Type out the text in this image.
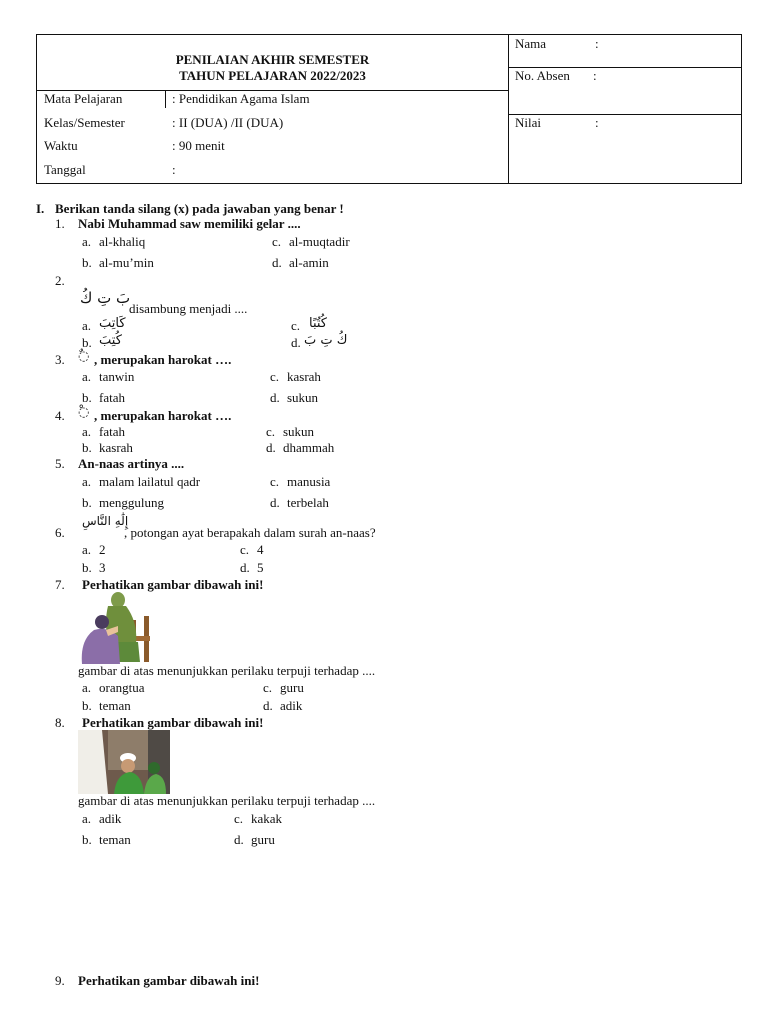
PENILAIAN AKHIR SEMESTER
TAHUN PELAJARAN 2022/2023
Mata Pelajaran	: Pendidikan Agama Islam
Kelas/Semester	: II (DUA) /II (DUA)
Waktu	: 90 menit
Tanggal	:
Nama	:
No. Absen :
Nilai	:
I. Berikan tanda silang (x) pada jawaban yang benar !
1. Nabi Muhammad saw memiliki gelar ....
a. al-khaliq
b. al-mu’min
c. al-muqtadir
d. al-amin
2.
بَ تِ كُ
disambung menjadi ....
a. كَاتِبَ
b. كُتِبَ
c. كُتُبًا
d. كُ تِ بَ
3. ◌ٌ , merupakan harokat ….
a. tanwin
b. fatah
c. kasrah
d. sukun
4. ◌ْ , merupakan harokat ….
a. fatah
b. kasrah
c. sukun
d. dhammah
5. An-naas artinya ....
a. malam lailatul qadr
b. menggulung
c. manusia
d. terbelah
6.
إِلَٰهِ النَّاسِ
, potongan ayat berapakah dalam surah an-naas?
a. 2
b. 3
c. 4
d. 5
7. Perhatikan gambar dibawah ini!
gambar di atas menunjukkan perilaku terpuji terhadap ....
a. orangtua
b. teman
c. guru
d. adik
8. Perhatikan gambar dibawah ini!
gambar di atas menunjukkan perilaku terpuji terhadap ....
a. adik
b. teman
c. kakak
d. guru
9. Perhatikan gambar dibawah ini!
